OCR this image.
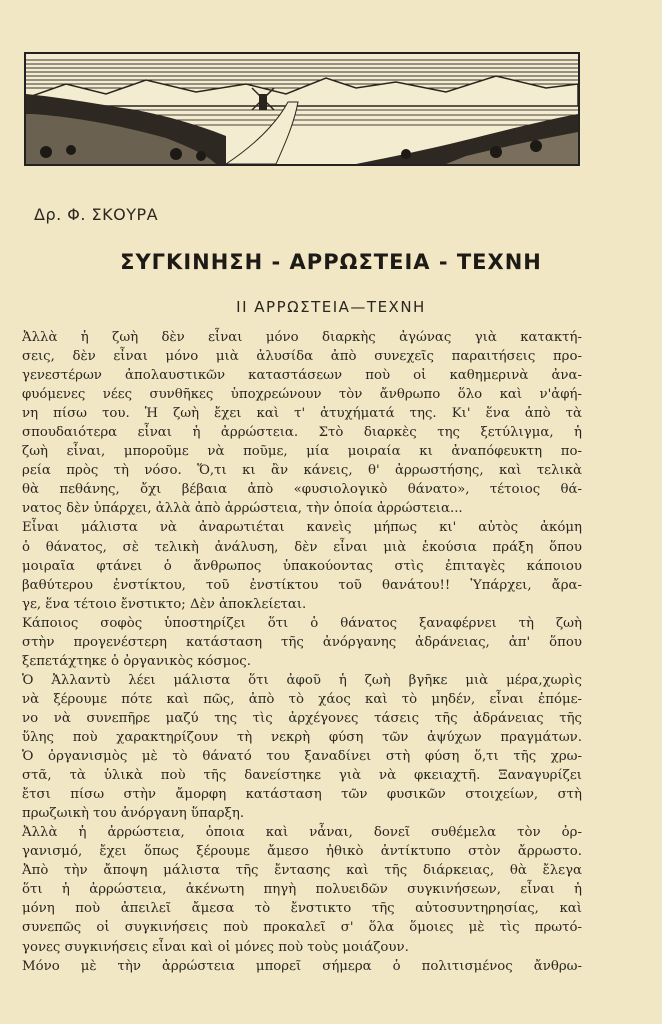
Δρ. Φ. ΣΚΟΥΡΑ
ΣΥΓΚΙΝΗΣΗ - ΑΡΡΩΣΤΕΙΑ - ΤΕΧΝΗ
II ΑΡΡΩΣΤΕΙΑ—ΤΕΧΝΗ
Ἀλλὰ ἡ ζωὴ δὲν εἶναι μόνο διαρκὴς ἀγώνας γιὰ κατακτή-
σεις, δὲν εἶναι μόνο μιὰ ἀλυσίδα ἀπὸ συνεχεῖς παραιτήσεις προ-
γενεστέρων ἀπολαυστικῶν καταστάσεων ποὺ οἱ καθημερινὰ ἀνα-
φυόμενες νέες συνθῆκες ὑποχρεώνουν τὸν ἄνθρωπο ὅλο καὶ ν'ἀφή-
νη πίσω του. Ἡ ζωὴ ἔχει καὶ τ' ἀτυχήματά της. Κι' ἕνα ἀπὸ τὰ
σπουδαιότερα εἶναι ἡ ἀρρώστεια. Στὸ διαρκὲς της ξετύλιγμα, ἡ
ζωὴ εἶναι, μποροῦμε νὰ ποῦμε, μία μοιραία κι ἀναπόφευκτη πο-
ρεία πρὸς τὴ νόσο. Ὅ,τι κι ἂν κάνεις, θ' ἀρρωστήσης, καὶ τελικὰ
θὰ πεθάνης, ὄχι βέβαια ἀπὸ «φυσιολογικὸ θάνατο», τέτοιος θά-
νατος δὲν ὑπάρχει, ἀλλὰ ἀπὸ ἀρρώστεια, τὴν ὁποία ἀρρώστεια...
Εἶναι μάλιστα νὰ ἀναρωτιέται κανεὶς μήπως κι' αὐτὸς ἀκόμη
ὁ θάνατος, σὲ τελικὴ ἀνάλυση, δὲν εἶναι μιὰ ἑκούσια πράξη ὅπου
μοιραῖα φτάνει ὁ ἄνθρωπος ὑπακούοντας στὶς ἐπιταγὲς κάποιου
βαθύτερου ἐνστίκτου, τοῦ ἐνστίκτου τοῦ θανάτου!! Ὑπάρχει, ἄρα-
γε, ἕνα τέτοιο ἔνστικτο; Δὲν ἀποκλείεται.
Κάποιος σοφὸς ὑποστηρίζει ὅτι ὁ θάνατος ξαναφέρνει τὴ ζωὴ
στὴν προγενέστερη κατάσταση τῆς ἀνόργανης ἀδράνειας, ἀπ' ὅπου
ξεπετάχτηκε ὁ ὀργανικὸς κόσμος.
Ὁ Ἀλλαντὺ λέει μάλιστα ὅτι ἀφοῦ ἡ ζωὴ βγῆκε μιὰ μέρα,χωρὶς
νὰ ξέρουμε πότε καὶ πῶς, ἀπὸ τὸ χάος καὶ τὸ μηδέν, εἶναι ἑπόμε-
νο νὰ συνεπῆρε μαζύ της τὶς ἀρχέγονες τάσεις τῆς ἀδράνειας τῆς
ὕλης ποὺ χαρακτηρίζουν τὴ νεκρὴ φύση τῶν ἀψύχων πραγμάτων.
Ὁ ὀργανισμὸς μὲ τὸ θάνατό του ξαναδίνει στὴ φύση ὅ,τι τῆς χρω-
στᾶ, τὰ ὑλικὰ ποὺ τῆς δανείστηκε γιὰ νὰ φκειαχτῆ. Ξαναγυρίζει
ἔτσι πίσω στὴν ἄμορφη κατάσταση τῶν φυσικῶν στοιχείων, στὴ
πρωζωικὴ του ἀνόργανη ὕπαρξη.
Ἀλλὰ ἡ ἀρρώστεια, ὁποια καὶ νἆναι, δονεῖ συθέμελα τὸν ὀρ-
γανισμό, ἔχει ὅπως ξέρουμε ἄμεσο ἠθικὸ ἀντίκτυπο στὸν ἄρρωστο.
Ἀπὸ τὴν ἄποψη μάλιστα τῆς ἔντασης καὶ τῆς διάρκειας, θὰ ἔλεγα
ὅτι ἡ ἀρρώστεια, ἀκένωτη πηγὴ πολυειδῶν συγκινήσεων, εἶναι ἡ
μόνη ποὺ ἀπειλεῖ ἄμεσα τὸ ἔνστικτο τῆς αὐτοσυντηρησίας, καὶ
συνεπῶς οἱ συγκινήσεις ποὺ προκαλεῖ σ' ὅλα ὅμοιες μὲ τὶς πρωτό-
γονες συγκινήσεις εἶναι καὶ οἱ μόνες ποὺ τοὺς μοιάζουν.
Μόνο μὲ τὴν ἀρρώστεια μπορεῖ σήμερα ὁ πολιτισμένος ἄνθρω-
